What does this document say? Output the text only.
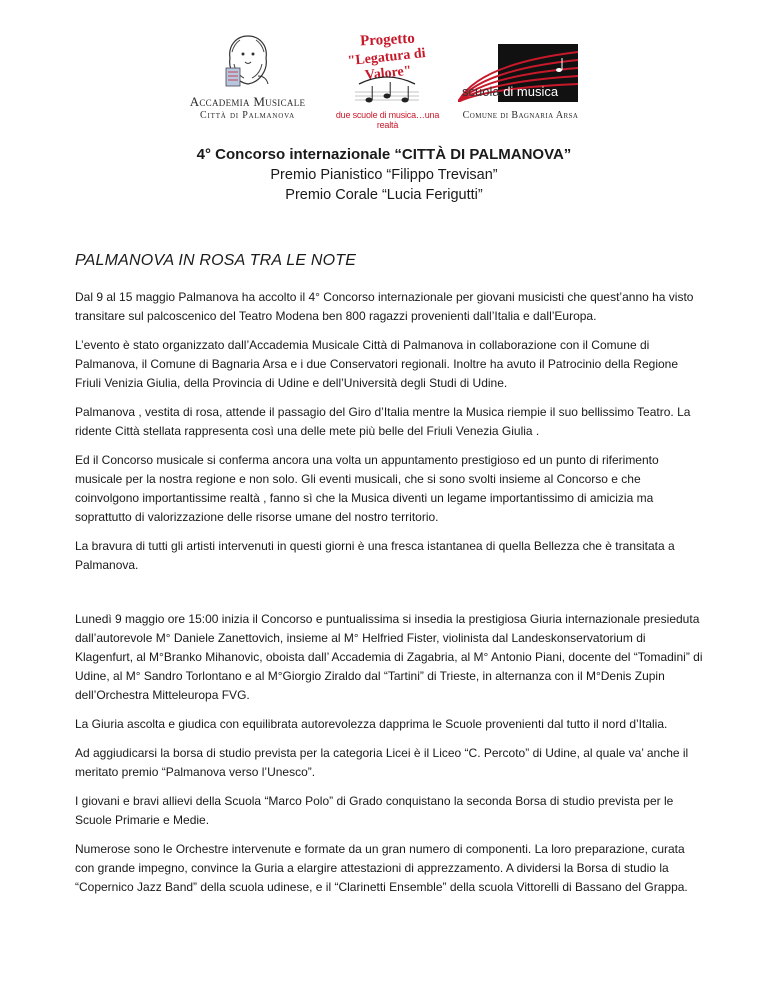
Accademia Musicale
Città di Palmanova
Progetto
"Legatura di Valore"
due scuole di musica…una realtà
scuola di musica
Comune di Bagnaria Arsa
4° Concorso internazionale “CITTÀ DI PALMANOVA”
Premio Pianistico “Filippo Trevisan”
Premio Corale “Lucia Ferigutti”
PALMANOVA IN ROSA TRA LE NOTE

Dal 9 al 15 maggio Palmanova ha accolto il 4° Concorso internazionale per giovani musicisti che quest’anno ha visto transitare sul palcoscenico del Teatro Modena ben 800 ragazzi provenienti dall’Italia e dall’Europa.

L’evento è stato organizzato dall’Accademia Musicale Città di Palmanova in collaborazione con il Comune di Palmanova, il Comune di Bagnaria Arsa e i due Conservatori regionali. Inoltre ha avuto il Patrocinio della Regione Friuli Venizia Giulia, della Provincia di Udine e dell’Università degli Studi di Udine.

Palmanova , vestita di rosa, attende il passagio del Giro d’Italia mentre la Musica riempie il suo bellissimo Teatro. La ridente Città stellata rappresenta così una delle mete più belle del Friuli Venezia Giulia .

Ed il Concorso musicale si conferma ancora una volta un appuntamento prestigioso ed un punto di riferimento musicale per la nostra regione e non solo. Gli eventi musicali, che si sono svolti insieme al Concorso e che coinvolgono importantissime realtà , fanno sì che la Musica diventi un legame importantissimo di amicizia ma soprattutto di valorizzazione delle risorse umane del nostro territorio.

La bravura di tutti gli artisti intervenuti in questi giorni è una fresca istantanea di quella Bellezza che è transitata a Palmanova.

Lunedì 9 maggio ore 15:00 inizia il Concorso e puntualissima si insedia la prestigiosa Giuria internazionale presieduta dall’autorevole M° Daniele Zanettovich, insieme al M° Helfried Fister, violinista dal Landeskonservatorium di Klagenfurt, al M°Branko Mihanovic, oboista dall’ Accademia di Zagabria, al M° Antonio Piani, docente del “Tomadini” di Udine, al M° Sandro Torlontano e al M°Giorgio Ziraldo dal “Tartini” di Trieste, in alternanza con il M°Denis Zupin dell’Orchestra Mitteleuropa FVG.

La Giuria ascolta e giudica con equilibrata autorevolezza dapprima le Scuole provenienti dal tutto il nord d’Italia.

Ad aggiudicarsi la borsa di studio prevista per la categoria Licei è il Liceo “C. Percoto” di Udine, al quale va’ anche il meritato premio “Palmanova verso l’Unesco”.

I giovani e bravi allievi della Scuola “Marco Polo” di Grado conquistano la seconda Borsa di studio prevista per le Scuole Primarie e Medie.

Numerose sono le Orchestre intervenute e formate da un gran numero di componenti. La loro preparazione, curata con grande impegno, convince la Guria a elargire attestazioni di apprezzamento. A dividersi la Borsa di studio la “Copernico Jazz Band” della scuola udinese, e il “Clarinetti Ensemble” della scuola Vittorelli di Bassano del Grappa.
